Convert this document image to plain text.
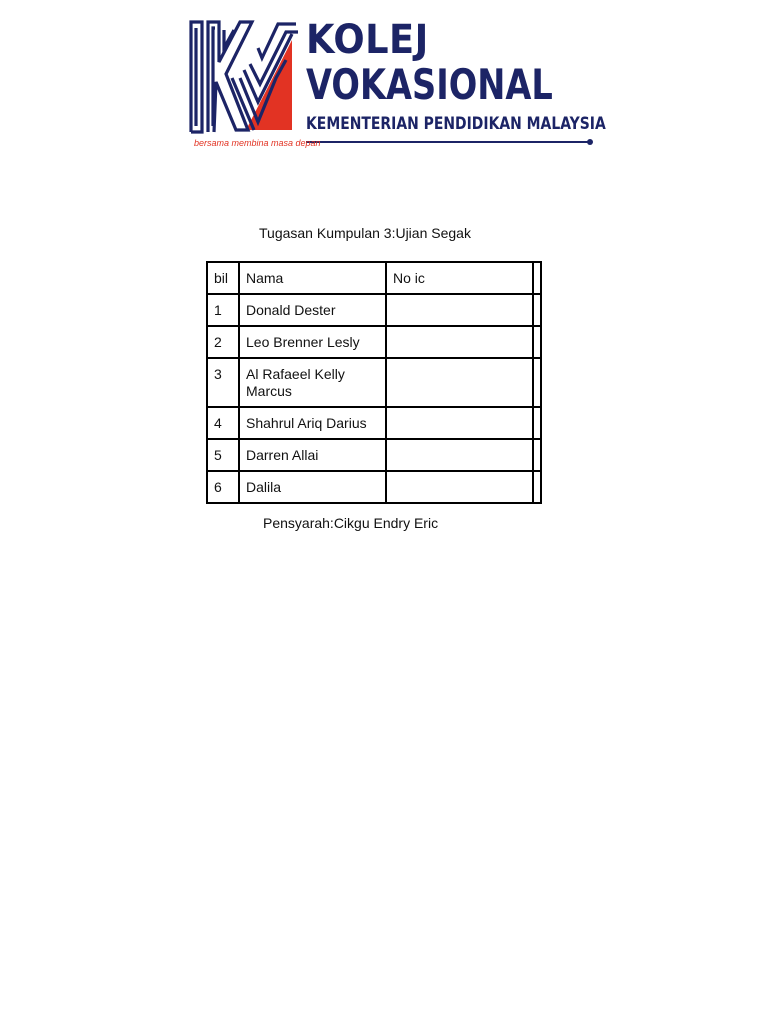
KOLEJ
VOKASIONAL
KEMENTERIAN PENDIDIKAN MALAYSIA
bersama membina masa depan
Tugasan Kumpulan 3:Ujian Segak
bil	Nama	No ic	
1	Donald Dester		
2	Leo Brenner Lesly		
3	Al Rafaeel Kelly Marcus		
4	Shahrul Ariq Darius		
5	Darren Allai		
6	Dalila		
Pensyarah:Cikgu Endry Eric
